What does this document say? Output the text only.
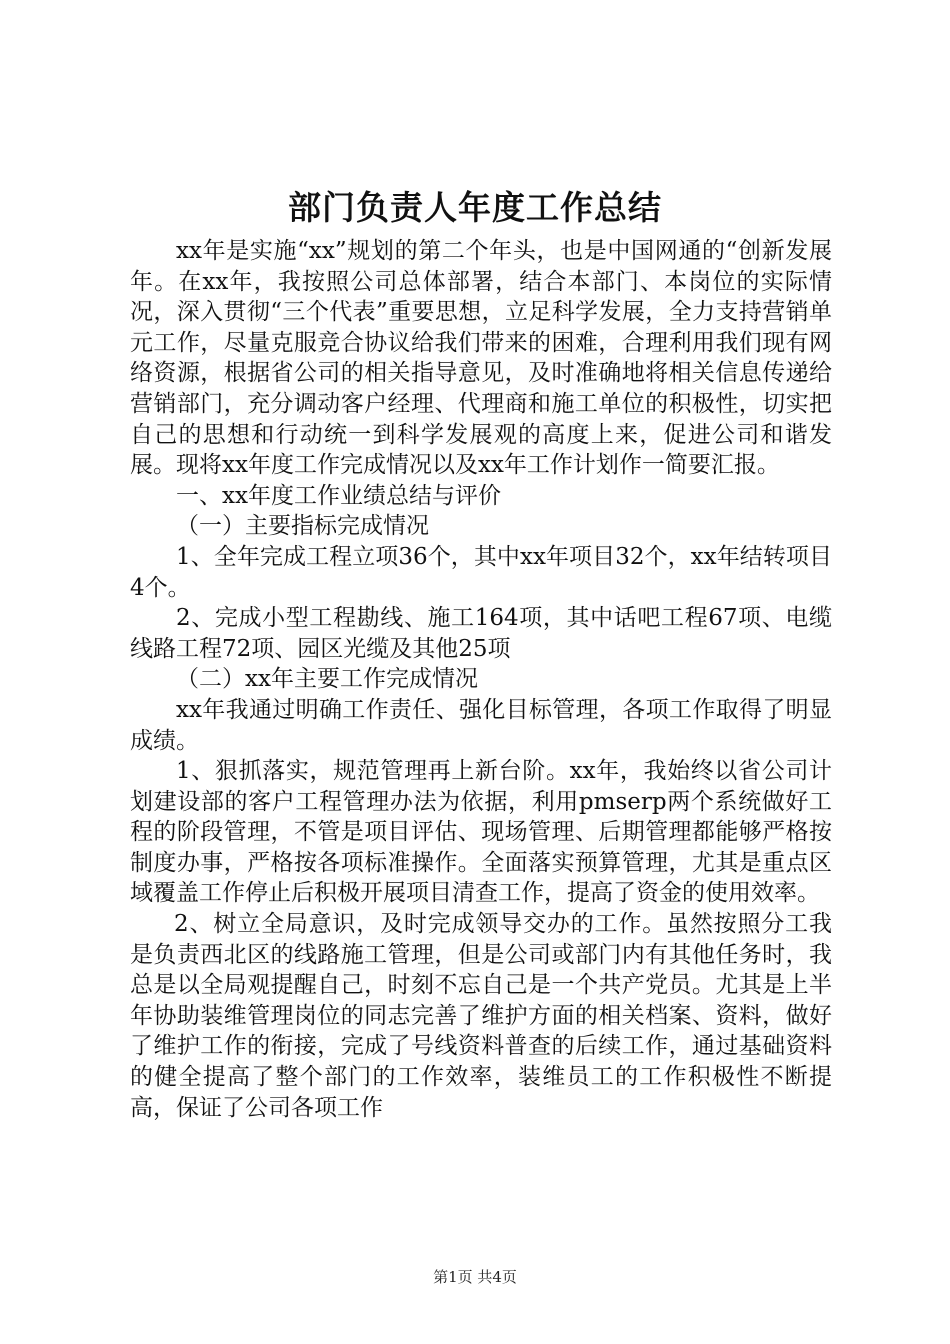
部门负责人年度工作总结

xx年是实施“xx”规划的第二个年头，也是中国网通的“创新发展年。在xx年，我按照公司总体部署，结合本部门、本岗位的实际情况，深入贯彻“三个代表”重要思想，立足科学发展，全力支持营销单元工作，尽量克服竞合协议给我们带来的困难，合理利用我们现有网络资源，根据省公司的相关指导意见，及时准确地将相关信息传递给营销部门，充分调动客户经理、代理商和施工单位的积极性，切实把自己的思想和行动统一到科学发展观的高度上来，促进公司和谐发展。现将xx年度工作完成情况以及xx年工作计划作一简要汇报。

一、xx年度工作业绩总结与评价

（一）主要指标完成情况

1、全年完成工程立项36个，其中xx年项目32个，xx年结转项目4个。

2、完成小型工程勘线、施工164项，其中话吧工程67项、电缆线路工程72项、园区光缆及其他25项

（二）xx年主要工作完成情况

xx年我通过明确工作责任、强化目标管理，各项工作取得了明显成绩。

1、狠抓落实，规范管理再上新台阶。xx年，我始终以省公司计划建设部的客户工程管理办法为依据，利用pmserp两个系统做好工程的阶段管理，不管是项目评估、现场管理、后期管理都能够严格按制度办事，严格按各项标准操作。全面落实预算管理，尤其是重点区域覆盖工作停止后积极开展项目清查工作，提高了资金的使用效率。

2、树立全局意识，及时完成领导交办的工作。虽然按照分工我是负责西北区的线路施工管理，但是公司或部门内有其他任务时，我总是以全局观提醒自己，时刻不忘自己是一个共产党员。尤其是上半年协助装维管理岗位的同志完善了维护方面的相关档案、资料，做好了维护工作的衔接，完成了号线资料普查的后续工作，通过基础资料的健全提高了整个部门的工作效率，装维员工的工作积极性不断提高，保证了公司各项工作

第1页 共4页
